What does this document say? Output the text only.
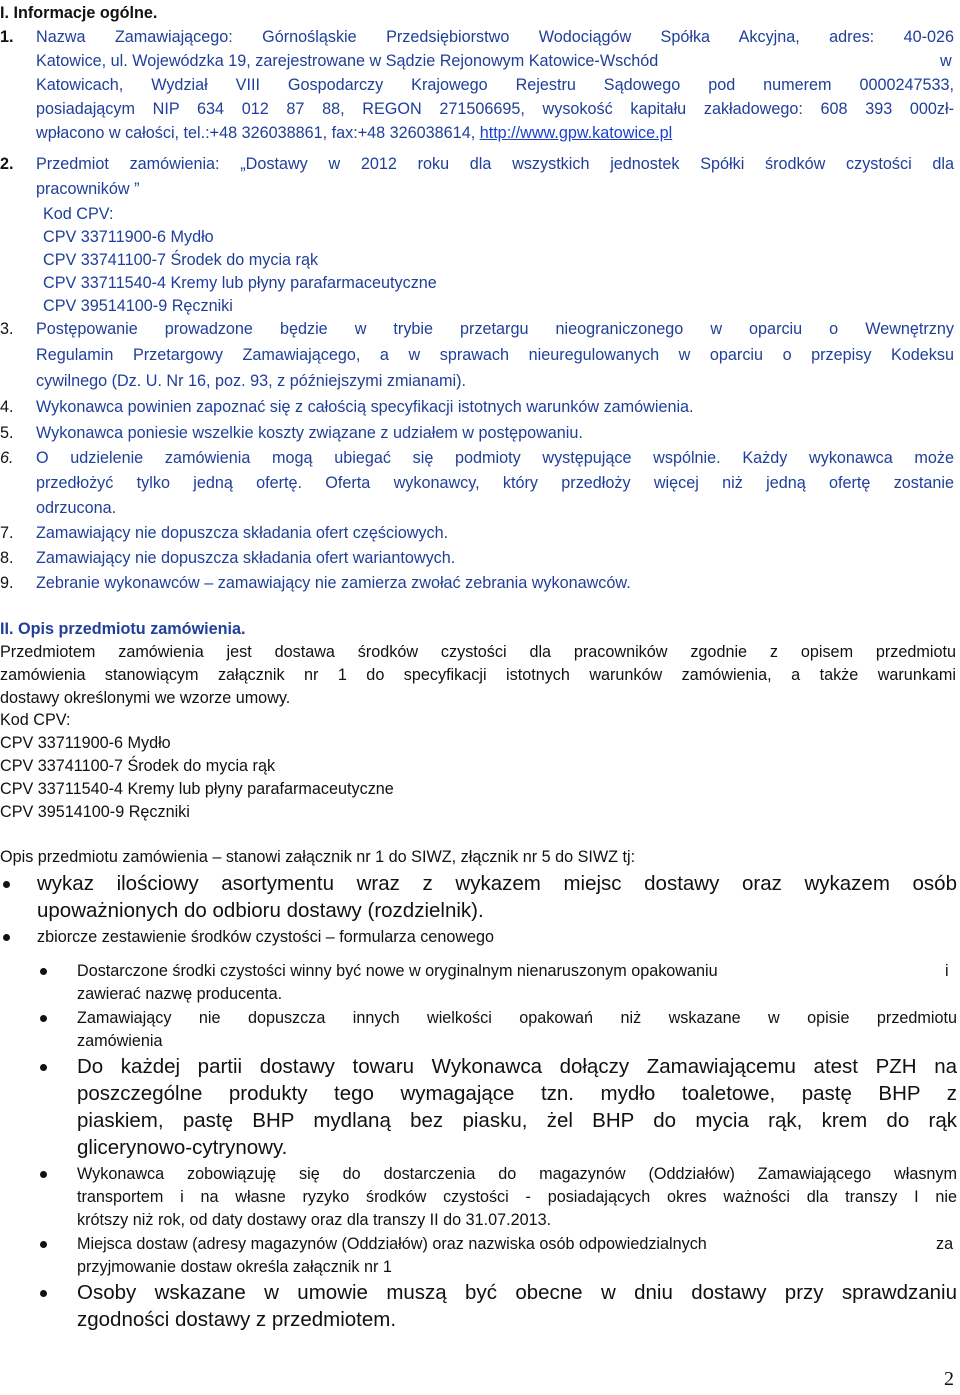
I. Informacje ogólne.
1. Nazwa Zamawiającego: Górnośląskie Przedsiębiorstwo Wodociągów Spółka Akcyjna, adres: 40-026
Katowice, ul. Wojewódzka 19, zarejestrowane w Sądzie Rejonowym Katowice-Wschód	w
Katowicach, Wydział VIII Gospodarczy Krajowego Rejestru Sądowego pod numerem 0000247533,
posiadającym NIP 634 012 87 88, REGON 271506695, wysokość kapitału zakładowego: 608 393 000zł-
wpłacono w całości, tel.:+48 326038861, fax:+48 326038614, http://www.gpw.katowice.pl
2. Przedmiot zamówienia: „Dostawy w 2012 roku dla wszystkich jednostek Spółki środków czystości dla
pracowników ”
Kod CPV:
CPV 33711900-6 Mydło
CPV 33741100-7 Środek do mycia rąk
CPV 33711540-4 Kremy lub płyny parafarmaceutyczne
CPV 39514100-9 Ręczniki
3. Postępowanie prowadzone będzie w trybie przetargu nieograniczonego w oparciu o Wewnętrzny
Regulamin Przetargowy Zamawiającego, a w sprawach nieuregulowanych w oparciu o przepisy Kodeksu
cywilnego (Dz. U. Nr 16, poz. 93, z późniejszymi zmianami).
4. Wykonawca powinien zapoznać się z całością specyfikacji istotnych warunków zamówienia.
5. Wykonawca poniesie wszelkie koszty związane z udziałem w postępowaniu.
6. O udzielenie zamówienia mogą ubiegać się podmioty występujące wspólnie. Każdy wykonawca może
przedłożyć tylko jedną ofertę. Oferta wykonawcy, który przedłoży więcej niż jedną ofertę zostanie
odrzucona.
7. Zamawiający nie dopuszcza składania ofert częściowych.
8. Zamawiający nie dopuszcza składania ofert wariantowych.
9. Zebranie wykonawców – zamawiający nie zamierza zwołać zebrania wykonawców.
II. Opis przedmiotu zamówienia.
Przedmiotem zamówienia jest dostawa środków czystości dla pracowników zgodnie z opisem przedmiotu
zamówienia stanowiącym załącznik nr 1 do specyfikacji istotnych warunków zamówienia, a także warunkami
dostawy określonymi we wzorze umowy.
Kod CPV:
CPV 33711900-6 Mydło
CPV 33741100-7 Środek do mycia rąk
CPV 33711540-4 Kremy lub płyny parafarmaceutyczne
CPV 39514100-9 Ręczniki
Opis przedmiotu zamówienia – stanowi załącznik nr 1 do SIWZ, złącznik nr 5 do SIWZ tj:
wykaz ilościowy asortymentu wraz z wykazem miejsc dostawy oraz wykazem osób
upoważnionych do odbioru dostawy (rozdzielnik).
zbiorcze zestawienie środków czystości – formularza cenowego
Dostarczone środki czystości winny być nowe w oryginalnym nienaruszonym opakowaniu	i
zawierać nazwę producenta.
Zamawiający nie dopuszcza innych wielkości opakowań niż wskazane w opisie przedmiotu
zamówienia
Do każdej partii dostawy towaru Wykonawca dołączy Zamawiającemu atest PZH na
poszczególne produkty tego wymagające tzn. mydło toaletowe, pastę BHP z
piaskiem, pastę BHP mydlaną bez piasku, żel BHP do mycia rąk, krem do rąk
glicerynowo-cytrynowy.
Wykonawca zobowiązuję się do dostarczenia do magazynów (Oddziałów) Zamawiającego własnym
transportem i na własne ryzyko środków czystości - posiadających okres ważności dla transzy I nie
krótszy niż rok, od daty dostawy oraz dla transzy II do 31.07.2013.
Miejsca dostaw (adresy magazynów (Oddziałów) oraz nazwiska osób odpowiedzialnych	za
przyjmowanie dostaw określa załącznik nr 1
Osoby wskazane w umowie muszą być obecne w dniu dostawy przy sprawdzaniu
zgodności dostawy z przedmiotem.
2
